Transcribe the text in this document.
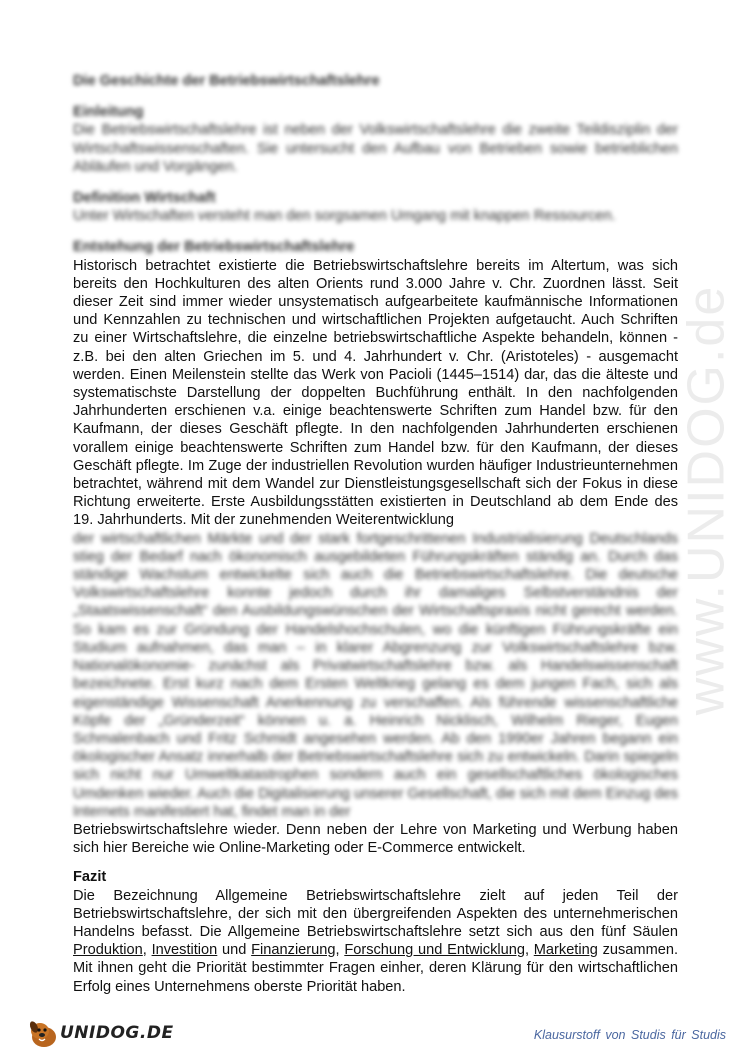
www.UNIDOG.de

Die Geschichte der Betriebswirtschaftslehre

Einleitung

Die Betriebswirtschaftslehre ist neben der Volkswirtschaftslehre die zweite Teildisziplin der Wirtschaftswissenschaften. Sie untersucht den Aufbau von Betrieben sowie betrieblichen Abläufen und Vorgängen.

Definition Wirtschaft

Unter Wirtschaften versteht man den sorgsamen Umgang mit knappen Ressourcen.

Entstehung der Betriebswirtschaftslehre

Historisch betrachtet existierte die Betriebswirtschaftslehre bereits im Altertum, was sich bereits den Hochkulturen des alten Orients rund 3.000 Jahre v. Chr. Zuordnen lässt. Seit dieser Zeit sind immer wieder unsystematisch aufgearbeitete kaufmännische Informationen und Kennzahlen zu technischen und wirtschaftlichen Projekten aufgetaucht. Auch Schriften zu einer Wirtschaftslehre, die einzelne betriebswirtschaftliche Aspekte behandeln, können - z.B. bei den alten Griechen im 5. und 4. Jahrhundert v. Chr. (Aristoteles) - ausgemacht werden. Einen Meilenstein stellte das Werk von Pacioli (1445–1514) dar, das die älteste und systematischste Darstellung der doppelten Buchführung enthält. In den nachfolgenden Jahrhunderten erschienen v.a. einige beachtenswerte Schriften zum Handel bzw. für den Kaufmann, der dieses Geschäft pflegte. In den nachfolgenden Jahrhunderten erschienen vorallem einige beachtenswerte Schriften zum Handel bzw. für den Kaufmann, der dieses Geschäft pflegte. Im Zuge der industriellen Revolution wurden häufiger Industrieunternehmen betrachtet, während mit dem Wandel zur Dienstleistungsgesellschaft sich der Fokus in diese Richtung erweiterte. Erste Ausbildungsstätten existierten in Deutschland ab dem Ende des 19. Jahrhunderts. Mit der zunehmenden Weiterentwicklung

der wirtschaftlichen Märkte und der stark fortgeschrittenen Industrialisierung Deutschlands stieg der Bedarf nach ökonomisch ausgebildeten Führungskräften ständig an. Durch das ständige Wachstum entwickelte sich auch die Betriebswirtschaftslehre. Die deutsche Volkswirtschaftslehre konnte jedoch durch ihr damaliges Selbstverständnis der „Staatswissenschaft“ den Ausbildungswünschen der Wirtschaftspraxis nicht gerecht werden. So kam es zur Gründung der Handelshochschulen, wo die künftigen Führungskräfte ein Studium aufnahmen, das man – in klarer Abgrenzung zur Volkswirtschaftslehre bzw. Nationalökonomie- zunächst als Privatwirtschaftslehre bzw. als Handelswissenschaft bezeichnete. Erst kurz nach dem Ersten Weltkrieg gelang es dem jungen Fach, sich als eigenständige Wissenschaft Anerkennung zu verschaffen. Als führende wissenschaftliche Köpfe der „Gründerzeit“ können u. a. Heinrich Nicklisch, Wilhelm Rieger, Eugen Schmalenbach und Fritz Schmidt angesehen werden. Ab den 1990er Jahren begann ein ökologischer Ansatz innerhalb der Betriebswirtschaftslehre sich zu entwickeln. Darin spiegeln sich nicht nur Umweltkatastrophen sondern auch ein gesellschaftliches ökologisches Umdenken wieder. Auch die Digitalisierung unserer Gesellschaft, die sich mit dem Einzug des Internets manifestiert hat, findet man in der

Betriebswirtschaftslehre wieder. Denn neben der Lehre von Marketing und Werbung haben sich hier Bereiche wie Online-Marketing oder E-Commerce entwickelt.

Fazit

Die Bezeichnung Allgemeine Betriebswirtschaftslehre zielt auf jeden Teil der Betriebswirtschaftslehre, der sich mit den übergreifenden Aspekten des unternehmerischen Handelns befasst. Die Allgemeine Betriebswirtschaftslehre setzt sich aus den fünf Säulen Produktion, Investition und Finanzierung, Forschung und Entwicklung, Marketing zusammen. Mit ihnen geht die Priorität bestimmter Fragen einher, deren Klärung für den wirtschaftlichen Erfolg eines Unternehmens oberste Priorität haben.

UNIDOG.DE	Klausurstoff von Studis für Studis
